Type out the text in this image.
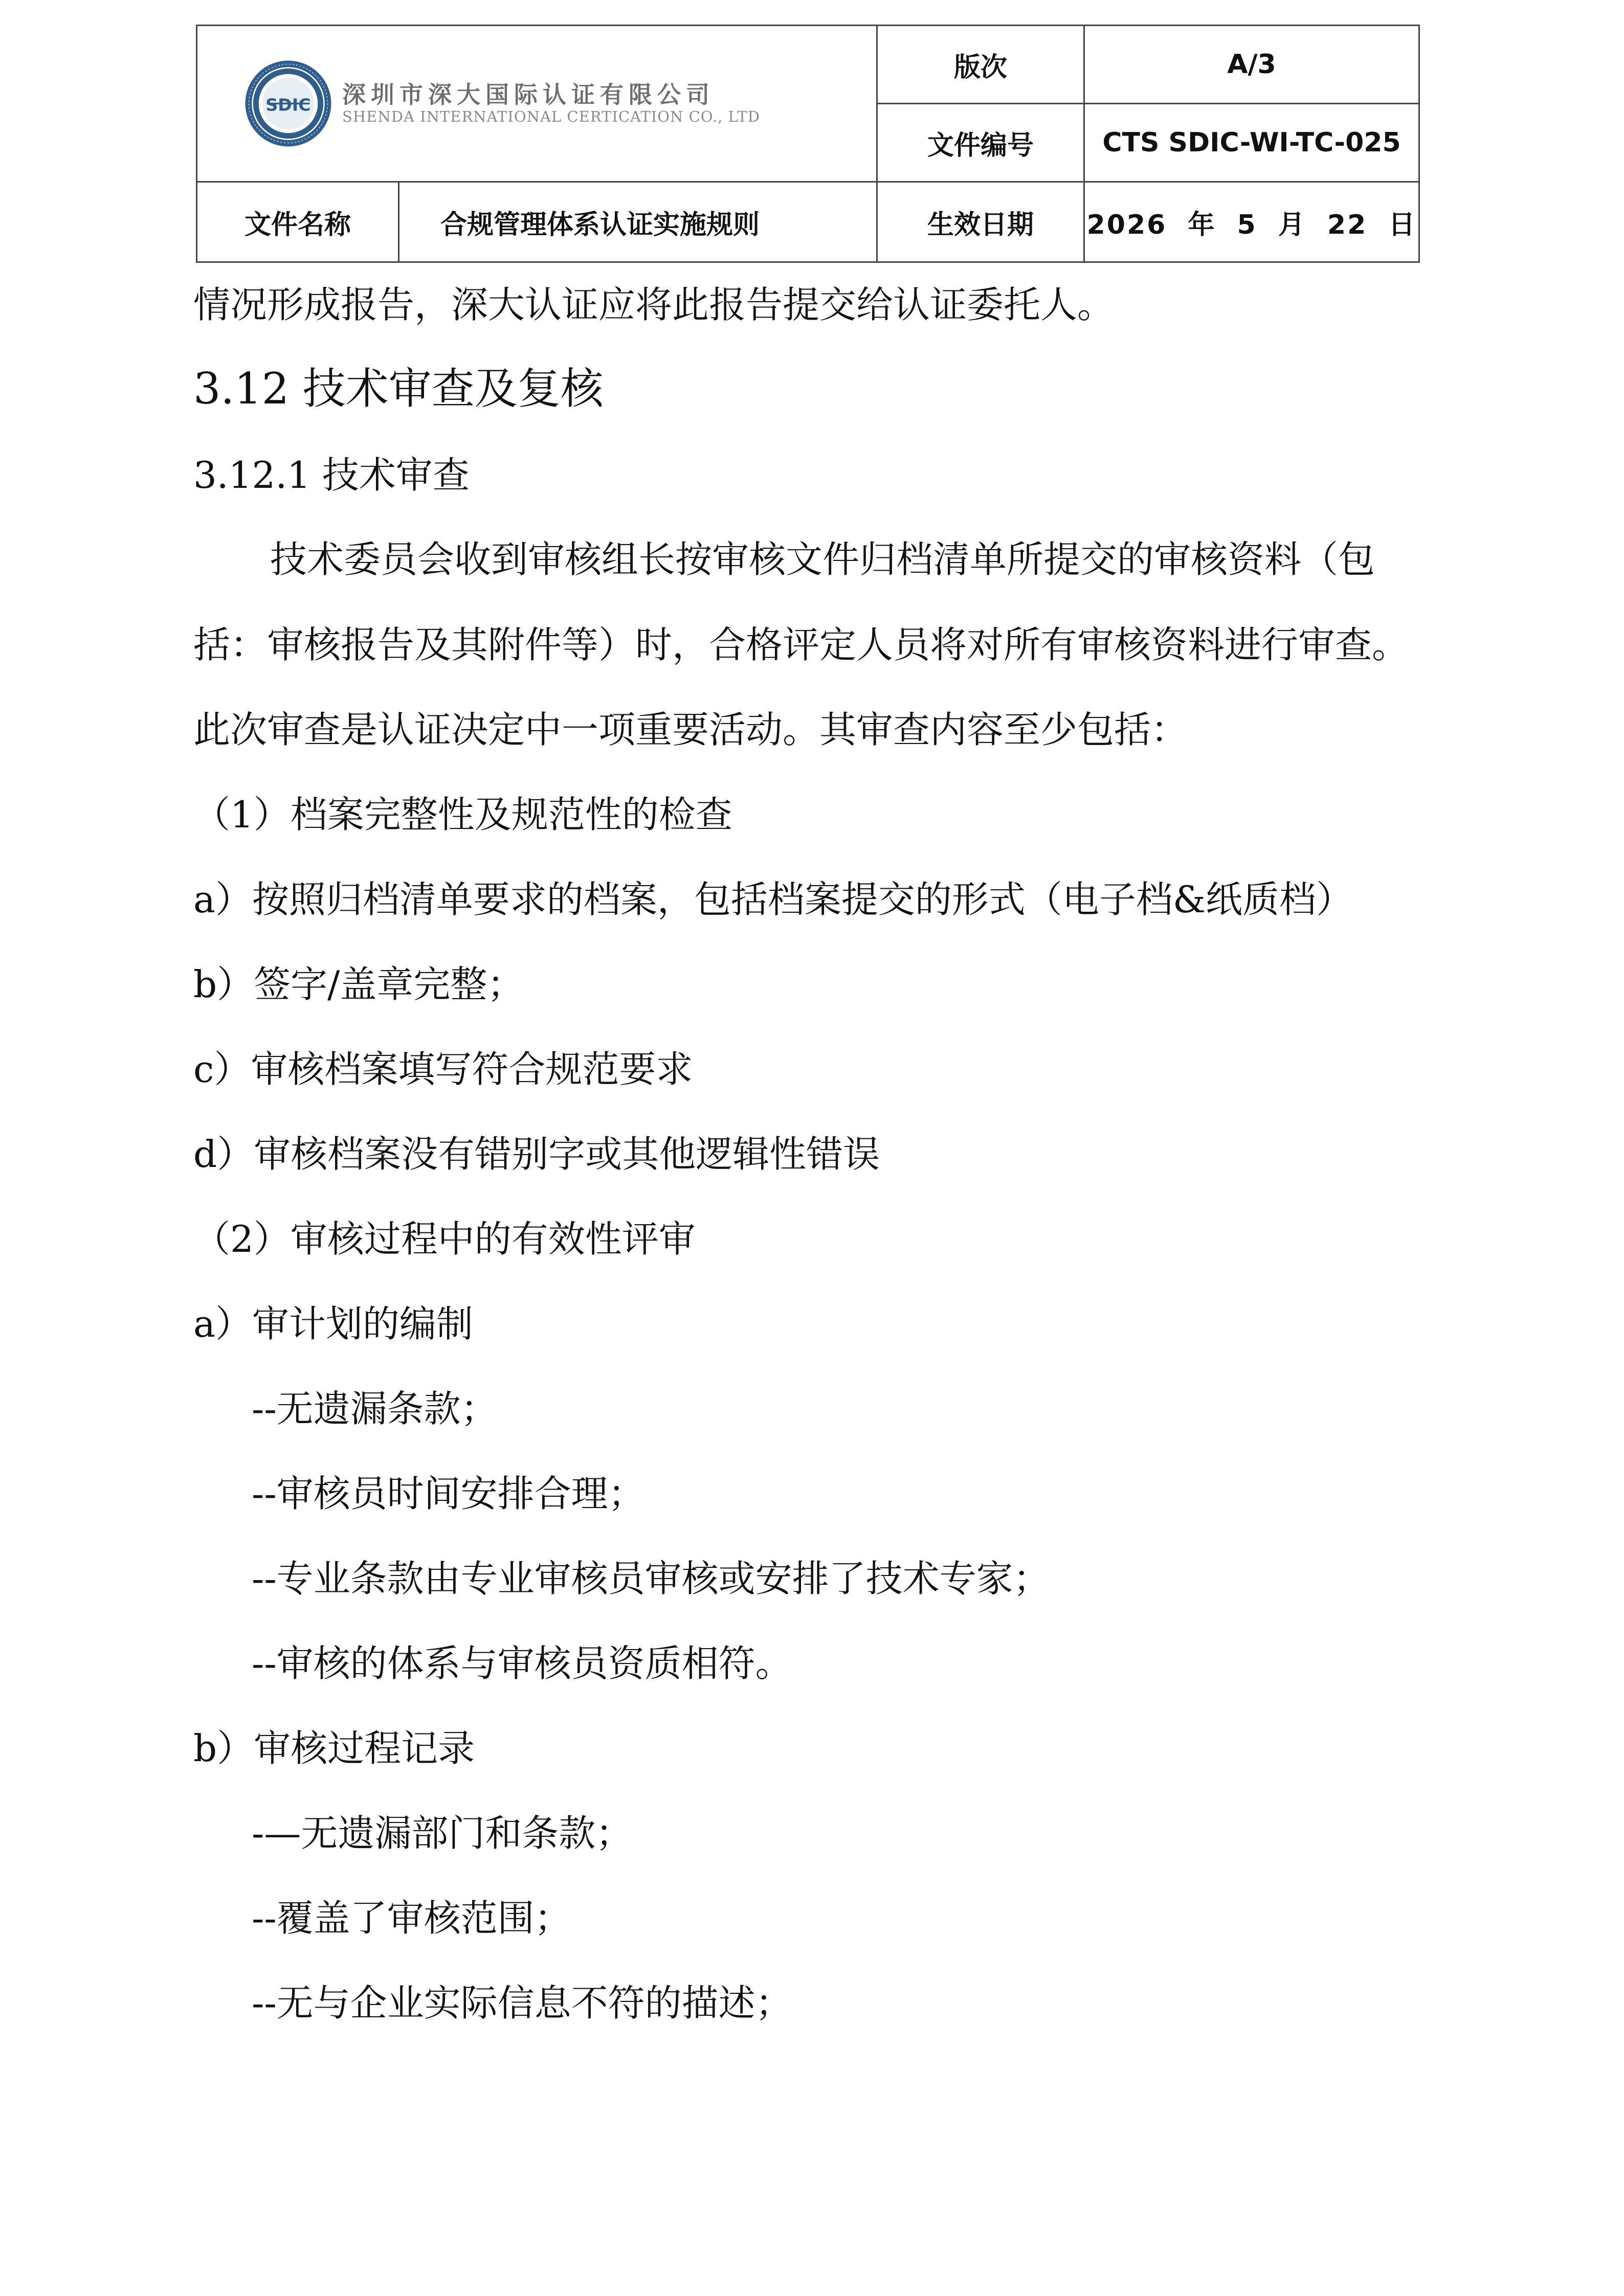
SDIC 深圳市深大国际认证有限公司
SHENDA INTERNATIONAL CERTICATION CO., LTD		版次	A/3
		文件编号	CTS SDIC-WI-TC-025
文件名称	合规管理体系认证实施规则	生效日期	2026 年 5 月 22 日
情况形成报告，深大认证应将此报告提交给认证委托人。
3.12 技术审查及复核
3.12.1 技术审查
技术委员会收到审核组长按审核文件归档清单所提交的审核资料（包
括：审核报告及其附件等）时，合格评定人员将对所有审核资料进行审查。
此次审查是认证决定中一项重要活动。其审查内容至少包括：
（1）档案完整性及规范性的检查
a）按照归档清单要求的档案，包括档案提交的形式（电子档&纸质档）
b）签字/盖章完整；
c）审核档案填写符合规范要求
d）审核档案没有错别字或其他逻辑性错误
（2）审核过程中的有效性评审
a）审计划的编制
--无遗漏条款；
--审核员时间安排合理；
--专业条款由专业审核员审核或安排了技术专家；
--审核的体系与审核员资质相符。
b）审核过程记录
-—无遗漏部门和条款；
--覆盖了审核范围；
--无与企业实际信息不符的描述；
